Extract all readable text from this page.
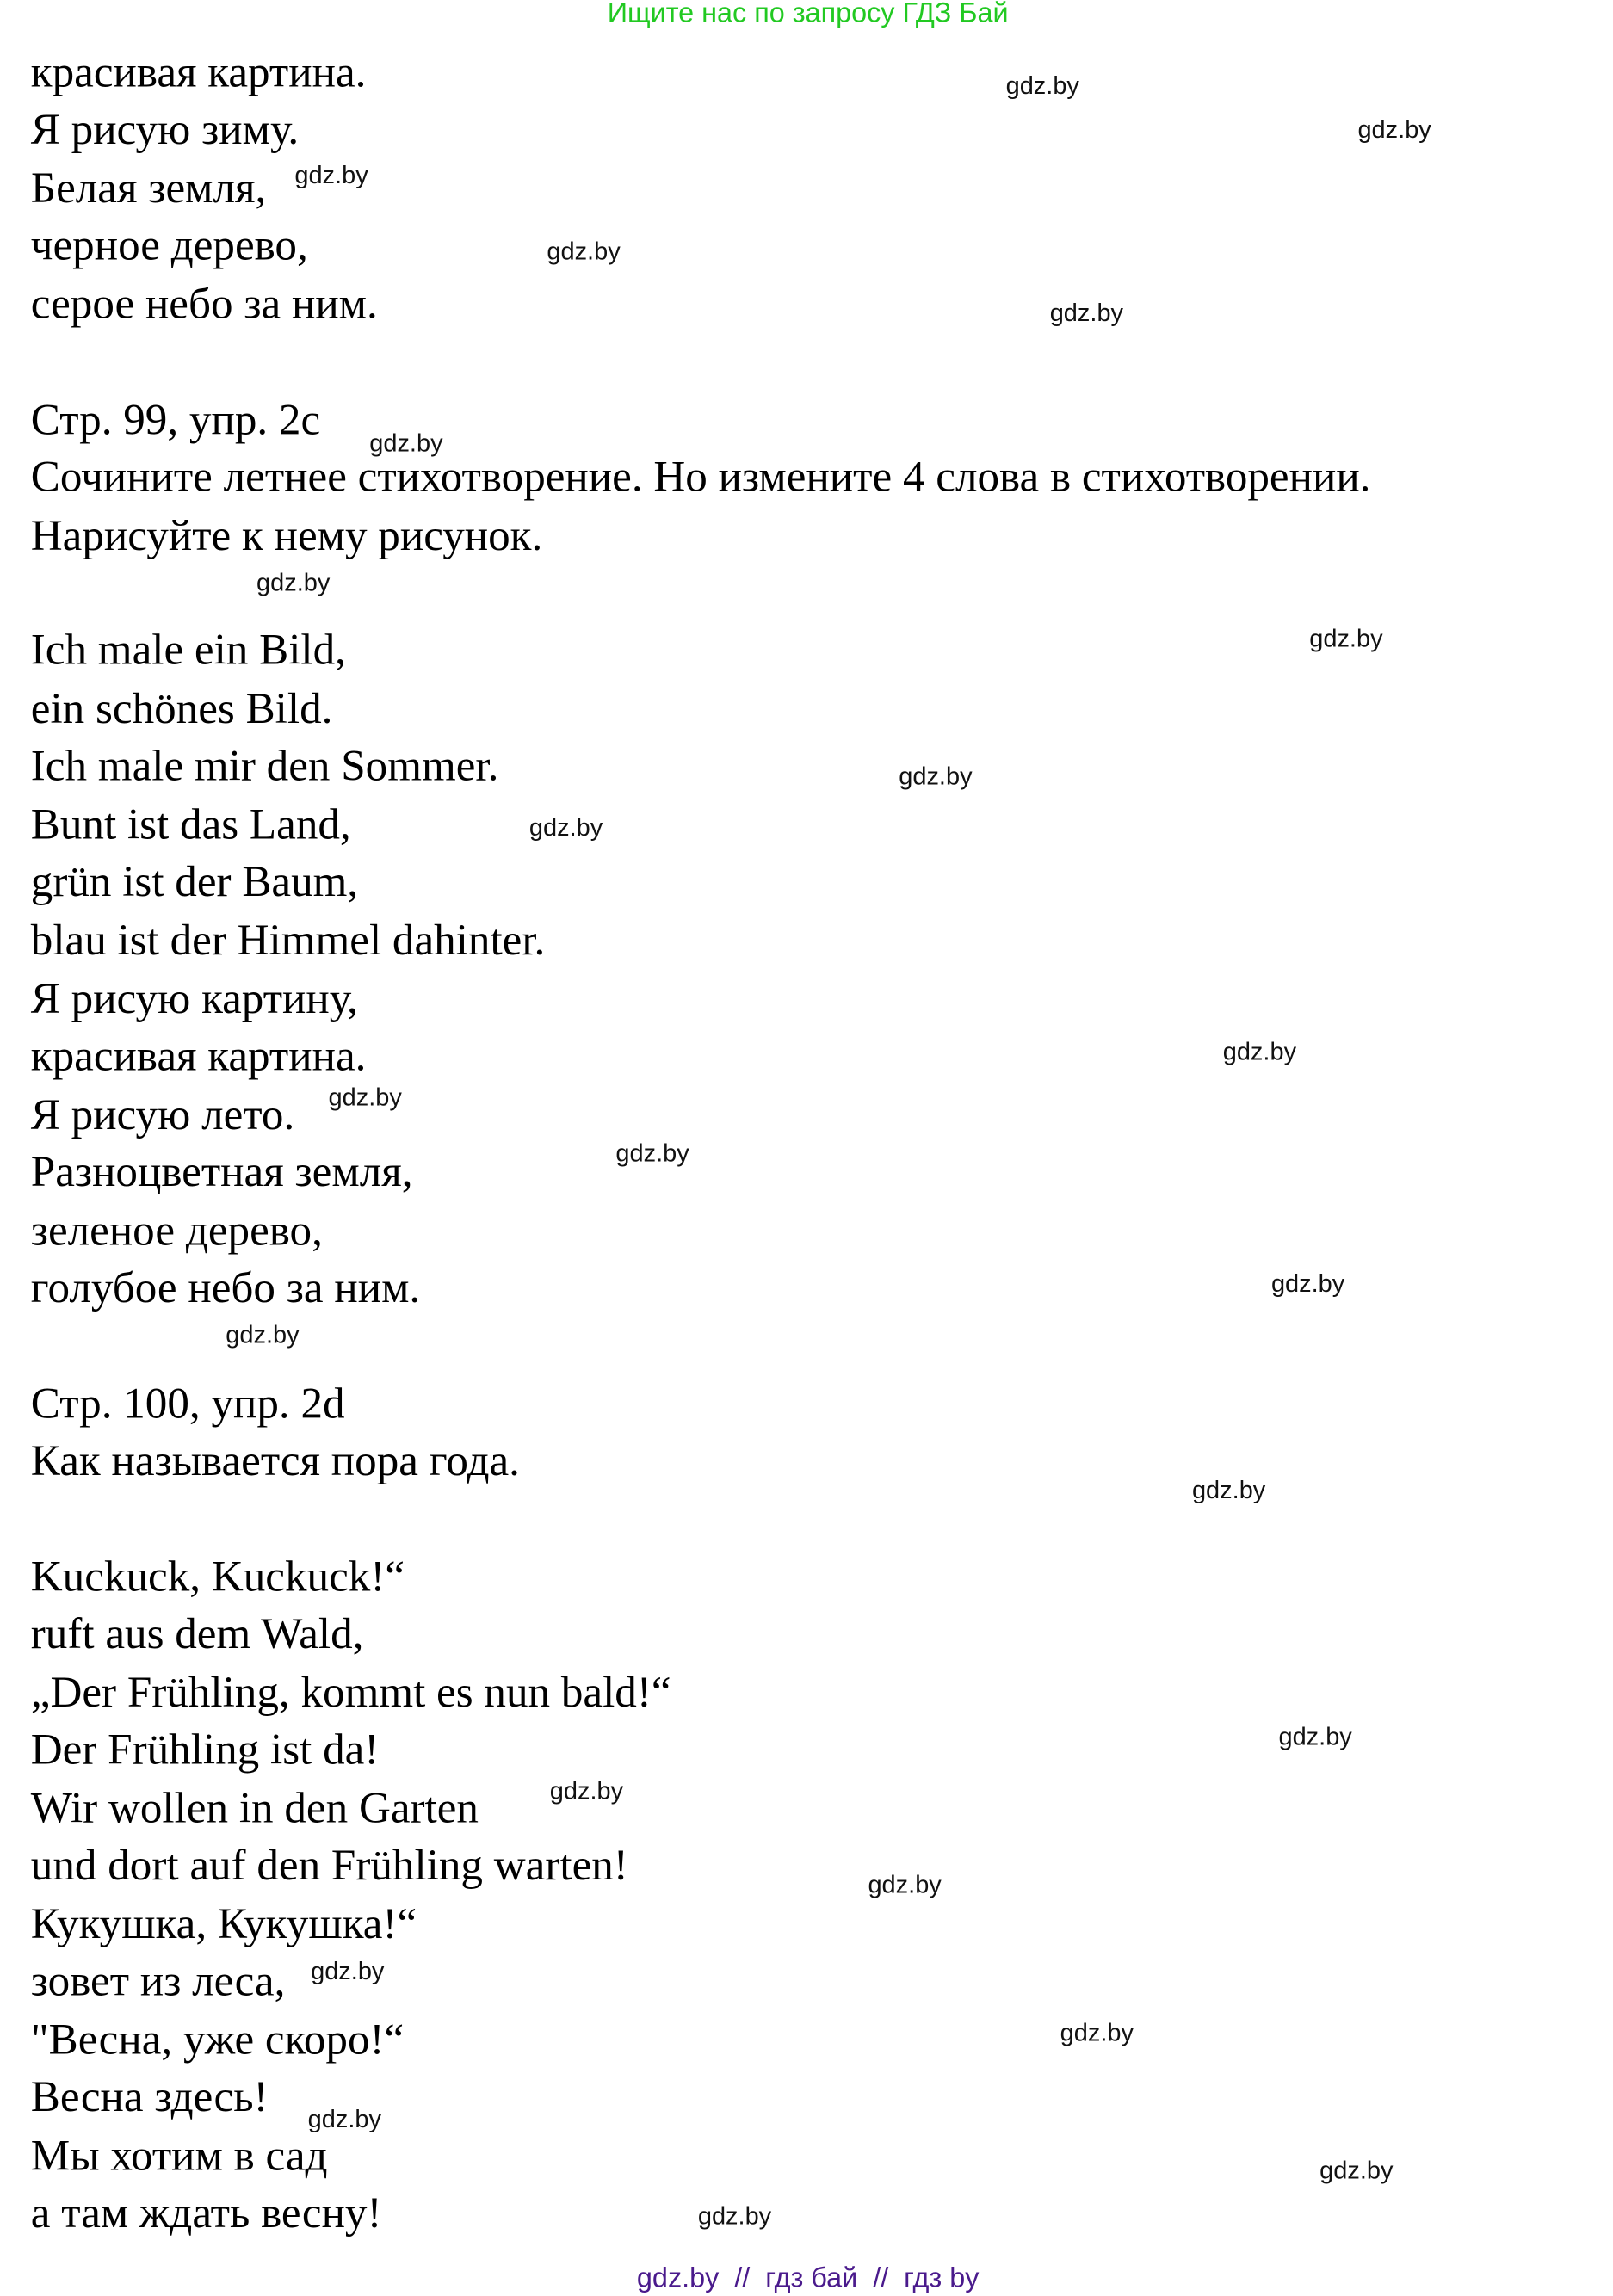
Ищите нас по запросу ГДЗ Бай
красивая картина.
Я рисую зиму.
Белая земля,
черное дерево,
серое небо за ним.
Стр. 99, упр. 2c
Сочините летнее стихотворение. Но измените 4 слова в стихотворении.
Нарисуйте к нему рисунок.
Ich male ein Bild,
ein schönes Bild.
Ich male mir den Sommer.
Bunt ist das Land,
grün ist der Baum,
blau ist der Himmel dahinter.
Я рисую картину,
красивая картина.
Я рисую лето.
Разноцветная земля,
зеленое дерево,
голубое небо за ним.
Стр. 100, упр. 2d
Как называется пора года.
Kuckuck, Kuckuck!“
ruft aus dem Wald,
„Der Frühling, kommt es nun bald!“
Der Frühling ist da!
Wir wollen in den Garten
und dort auf den Frühling warten!
Кукушка, Кукушка!“
зовет из леса,
"Весна, уже скоро!“
Весна здесь!
Мы хотим в сад
а там ждать весну!
gdz.by
gdz.by
gdz.by
gdz.by
gdz.by
gdz.by
gdz.by
gdz.by
gdz.by
gdz.by
gdz.by
gdz.by
gdz.by
gdz.by
gdz.by
gdz.by
gdz.by
gdz.by
gdz.by
gdz.by
gdz.by
gdz.by
gdz.by
gdz.by
gdz.by  //  гдз бай  //  гдз by
